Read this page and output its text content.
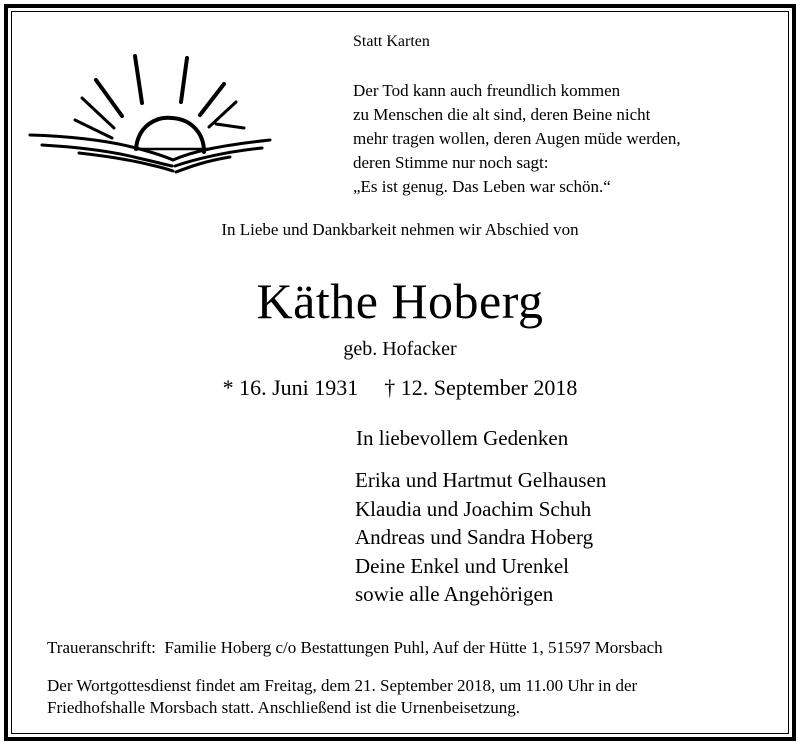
Statt Karten
Der Tod kann auch freundlich kommen
zu Menschen die alt sind, deren Beine nicht
mehr tragen wollen, deren Augen müde werden,
deren Stimme nur noch sagt:
„Es ist genug. Das Leben war schön.“
In Liebe und Dankbarkeit nehmen wir Abschied von
Käthe Hoberg
geb. Hofacker
* 16. Juni 1931 † 12. September 2018
In liebevollem Gedenken
Erika und Hartmut Gelhausen
Klaudia und Joachim Schuh
Andreas und Sandra Hoberg
Deine Enkel und Urenkel
sowie alle Angehörigen
Traueranschrift:  Familie Hoberg c/o Bestattungen Puhl, Auf der Hütte 1, 51597 Morsbach
Der Wortgottesdienst findet am Freitag, dem 21. September 2018, um 11.00 Uhr in der
Friedhofshalle Morsbach statt. Anschließend ist die Urnenbeisetzung.
